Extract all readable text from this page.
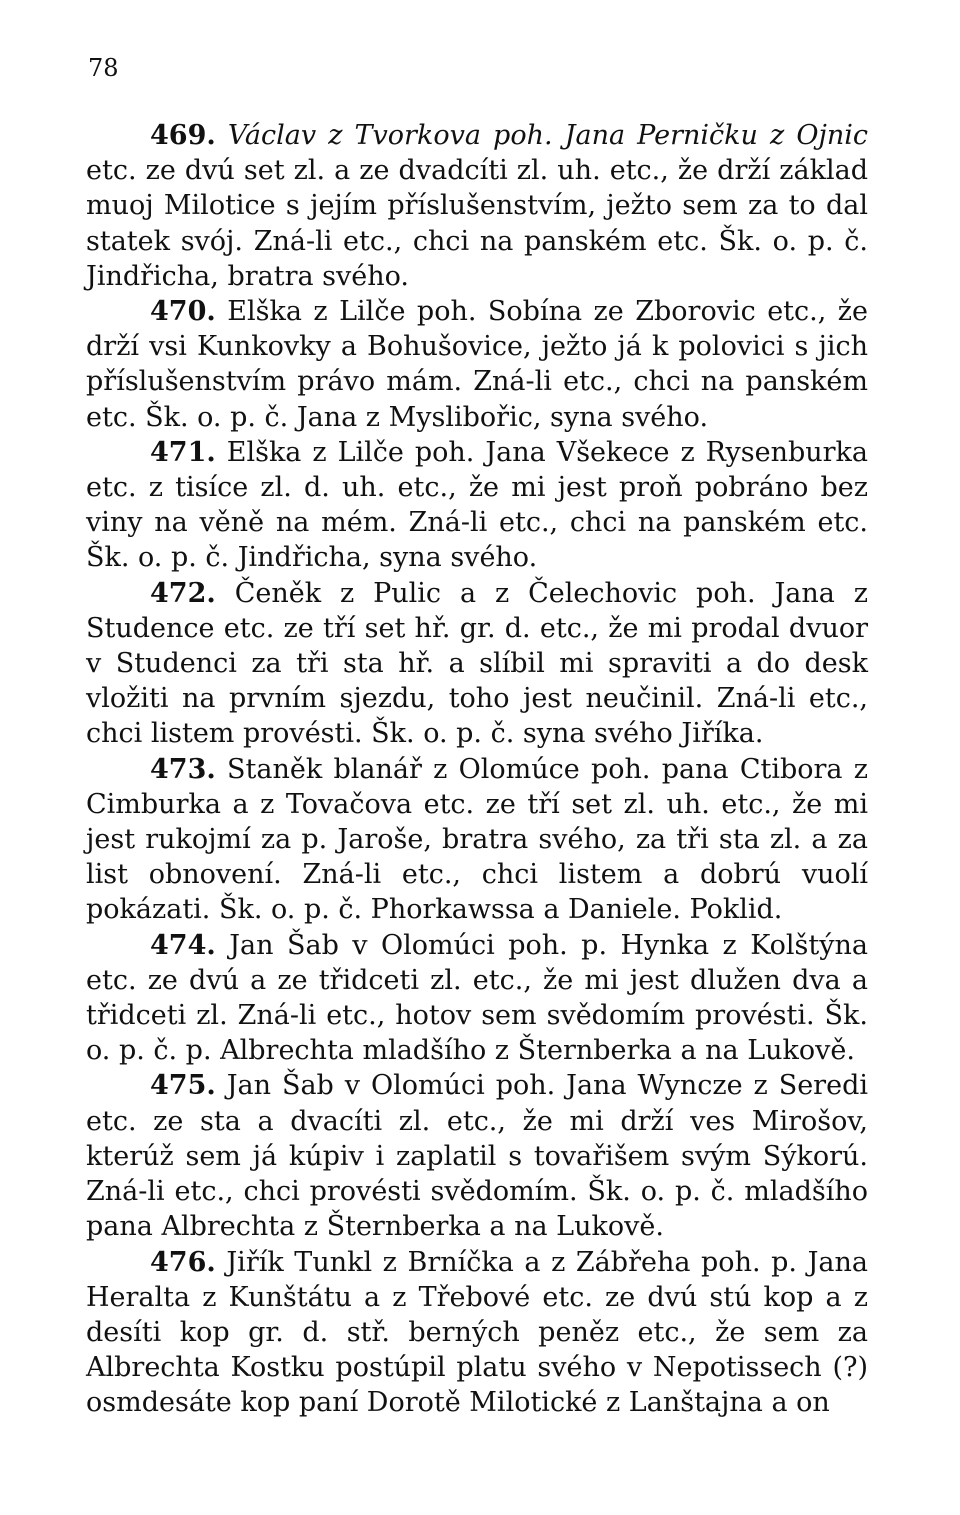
78

469. Václav z Tvorkova poh. Jana Perničku z Ojnic etc. ze dvú set zl. a ze dvadcíti zl. uh. etc., že drží základ muoj Milotice s jejím příslušenstvím, ježto sem za to dal statek svój. Zná-li etc., chci na panském etc. Šk. o. p. č. Jindřicha, bratra svého.

470. Elška z Lilče poh. Sobína ze Zborovic etc., že drží vsi Kunkovky a Bohušovice, ježto já k polovici s jich příslušenstvím právo mám. Zná-li etc., chci na panském etc. Šk. o. p. č. Jana z Myslibořic, syna svého.

471. Elška z Lilče poh. Jana Všekece z Rysenburka etc. z tisíce zl. d. uh. etc., že mi jest proň pobráno bez viny na věně na mém. Zná-li etc., chci na panském etc. Šk. o. p. č. Jindřicha, syna svého.

472. Čeněk z Pulic a z Čelechovic poh. Jana z Studence etc. ze tří set hř. gr. d. etc., že mi prodal dvuor v Studenci za tři sta hř. a slíbil mi spraviti a do desk vložiti na prvním sjezdu, toho jest neučinil. Zná-li etc., chci listem provésti. Šk. o. p. č. syna svého Jiříka.

473. Staněk blanář z Olomúce poh. pana Ctibora z Cimburka a z Tovačova etc. ze tří set zl. uh. etc., že mi jest rukojmí za p. Jaroše, bratra svého, za tři sta zl. a za list obnovení. Zná-li etc., chci listem a dobrú vuolí pokázati. Šk. o. p. č. Phorkawssa a Daniele. Poklid.

474. Jan Šab v Olomúci poh. p. Hynka z Kolštýna etc. ze dvú a ze třidceti zl. etc., že mi jest dlužen dva a třidceti zl. Zná-li etc., hotov sem svědomím provésti. Šk. o. p. č. p. Albrechta mladšího z Šternberka a na Lukově.

475. Jan Šab v Olomúci poh. Jana Wyncze z Seredi etc. ze sta a dvacíti zl. etc., že mi drží ves Mirošov, kterúž sem já kúpiv i zaplatil s tovařišem svým Sýkorú. Zná-li etc., chci provésti svědomím. Šk. o. p. č. mladšího pana Albrechta z Šternberka a na Lukově.

476. Jiřík Tunkl z Brníčka a z Zábřeha poh. p. Jana Heralta z Kunštátu a z Třebové etc. ze dvú stú kop a z desíti kop gr. d. stř. berných peněz etc., že sem za Albrechta Kostku postúpil platu svého v Nepotissech (?) osmdesáte kop paní Dorotě Milotické z Lanštajna a on
